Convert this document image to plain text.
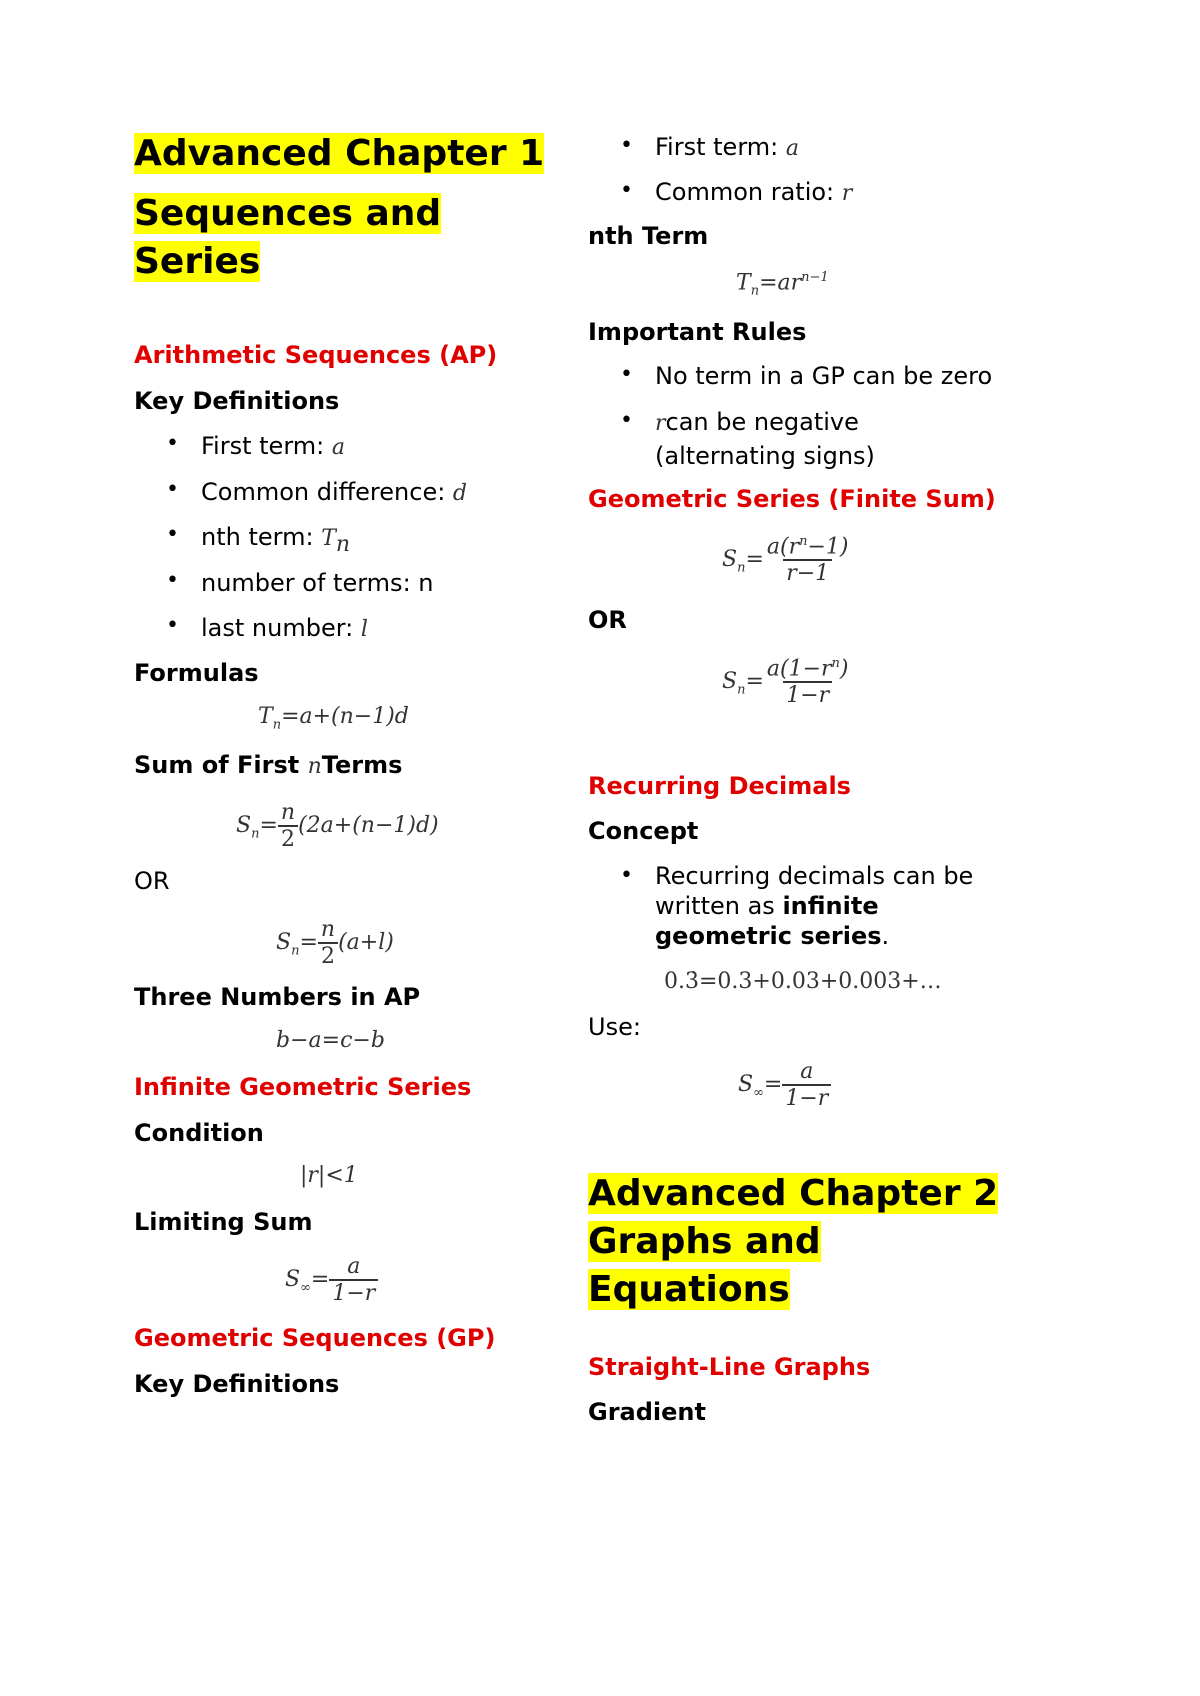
Advanced Chapter 1
Sequences and
Series
Arithmetic Sequences (AP)
Key Definitions
• First term: a
• Common difference: d
• nth term: $T_n$
• number of terms: n
• last number: l
Formulas
$T_n=a+(n-1)d$
Sum of First nTerms
$S_n= \frac{n}{2} (2a+(n-1)d)$
OR
$S_n= \frac{n}{2} (a+l)$
Three Numbers in AP
b−a=c−b
Infinite Geometric Series
Condition
|r|<1
Limiting Sum
$S_\infty= \frac{a}{1-r}$
Geometric Sequences (GP)
Key Definitions
• First term: a
• Common ratio: r
nth Term
$T_n=ar^{n-1}$
Important Rules
• No term in a GP can be zero
• rcan be negative
(alternating signs)
Geometric Series (Finite Sum)
$S_n= \frac{a(r^n-1)}{r-1}$
OR
$S_n= \frac{a(1-r^n)}{1-r}$
Recurring Decimals
Concept
• Recurring decimals can be
written as infinite
geometric series.
0.3̇=0.3+0.03+0.003+…
Use:
$S_\infty= \frac{a}{1-r}$
Advanced Chapter 2
Graphs and
Equations
Straight-Line Graphs
Gradient
